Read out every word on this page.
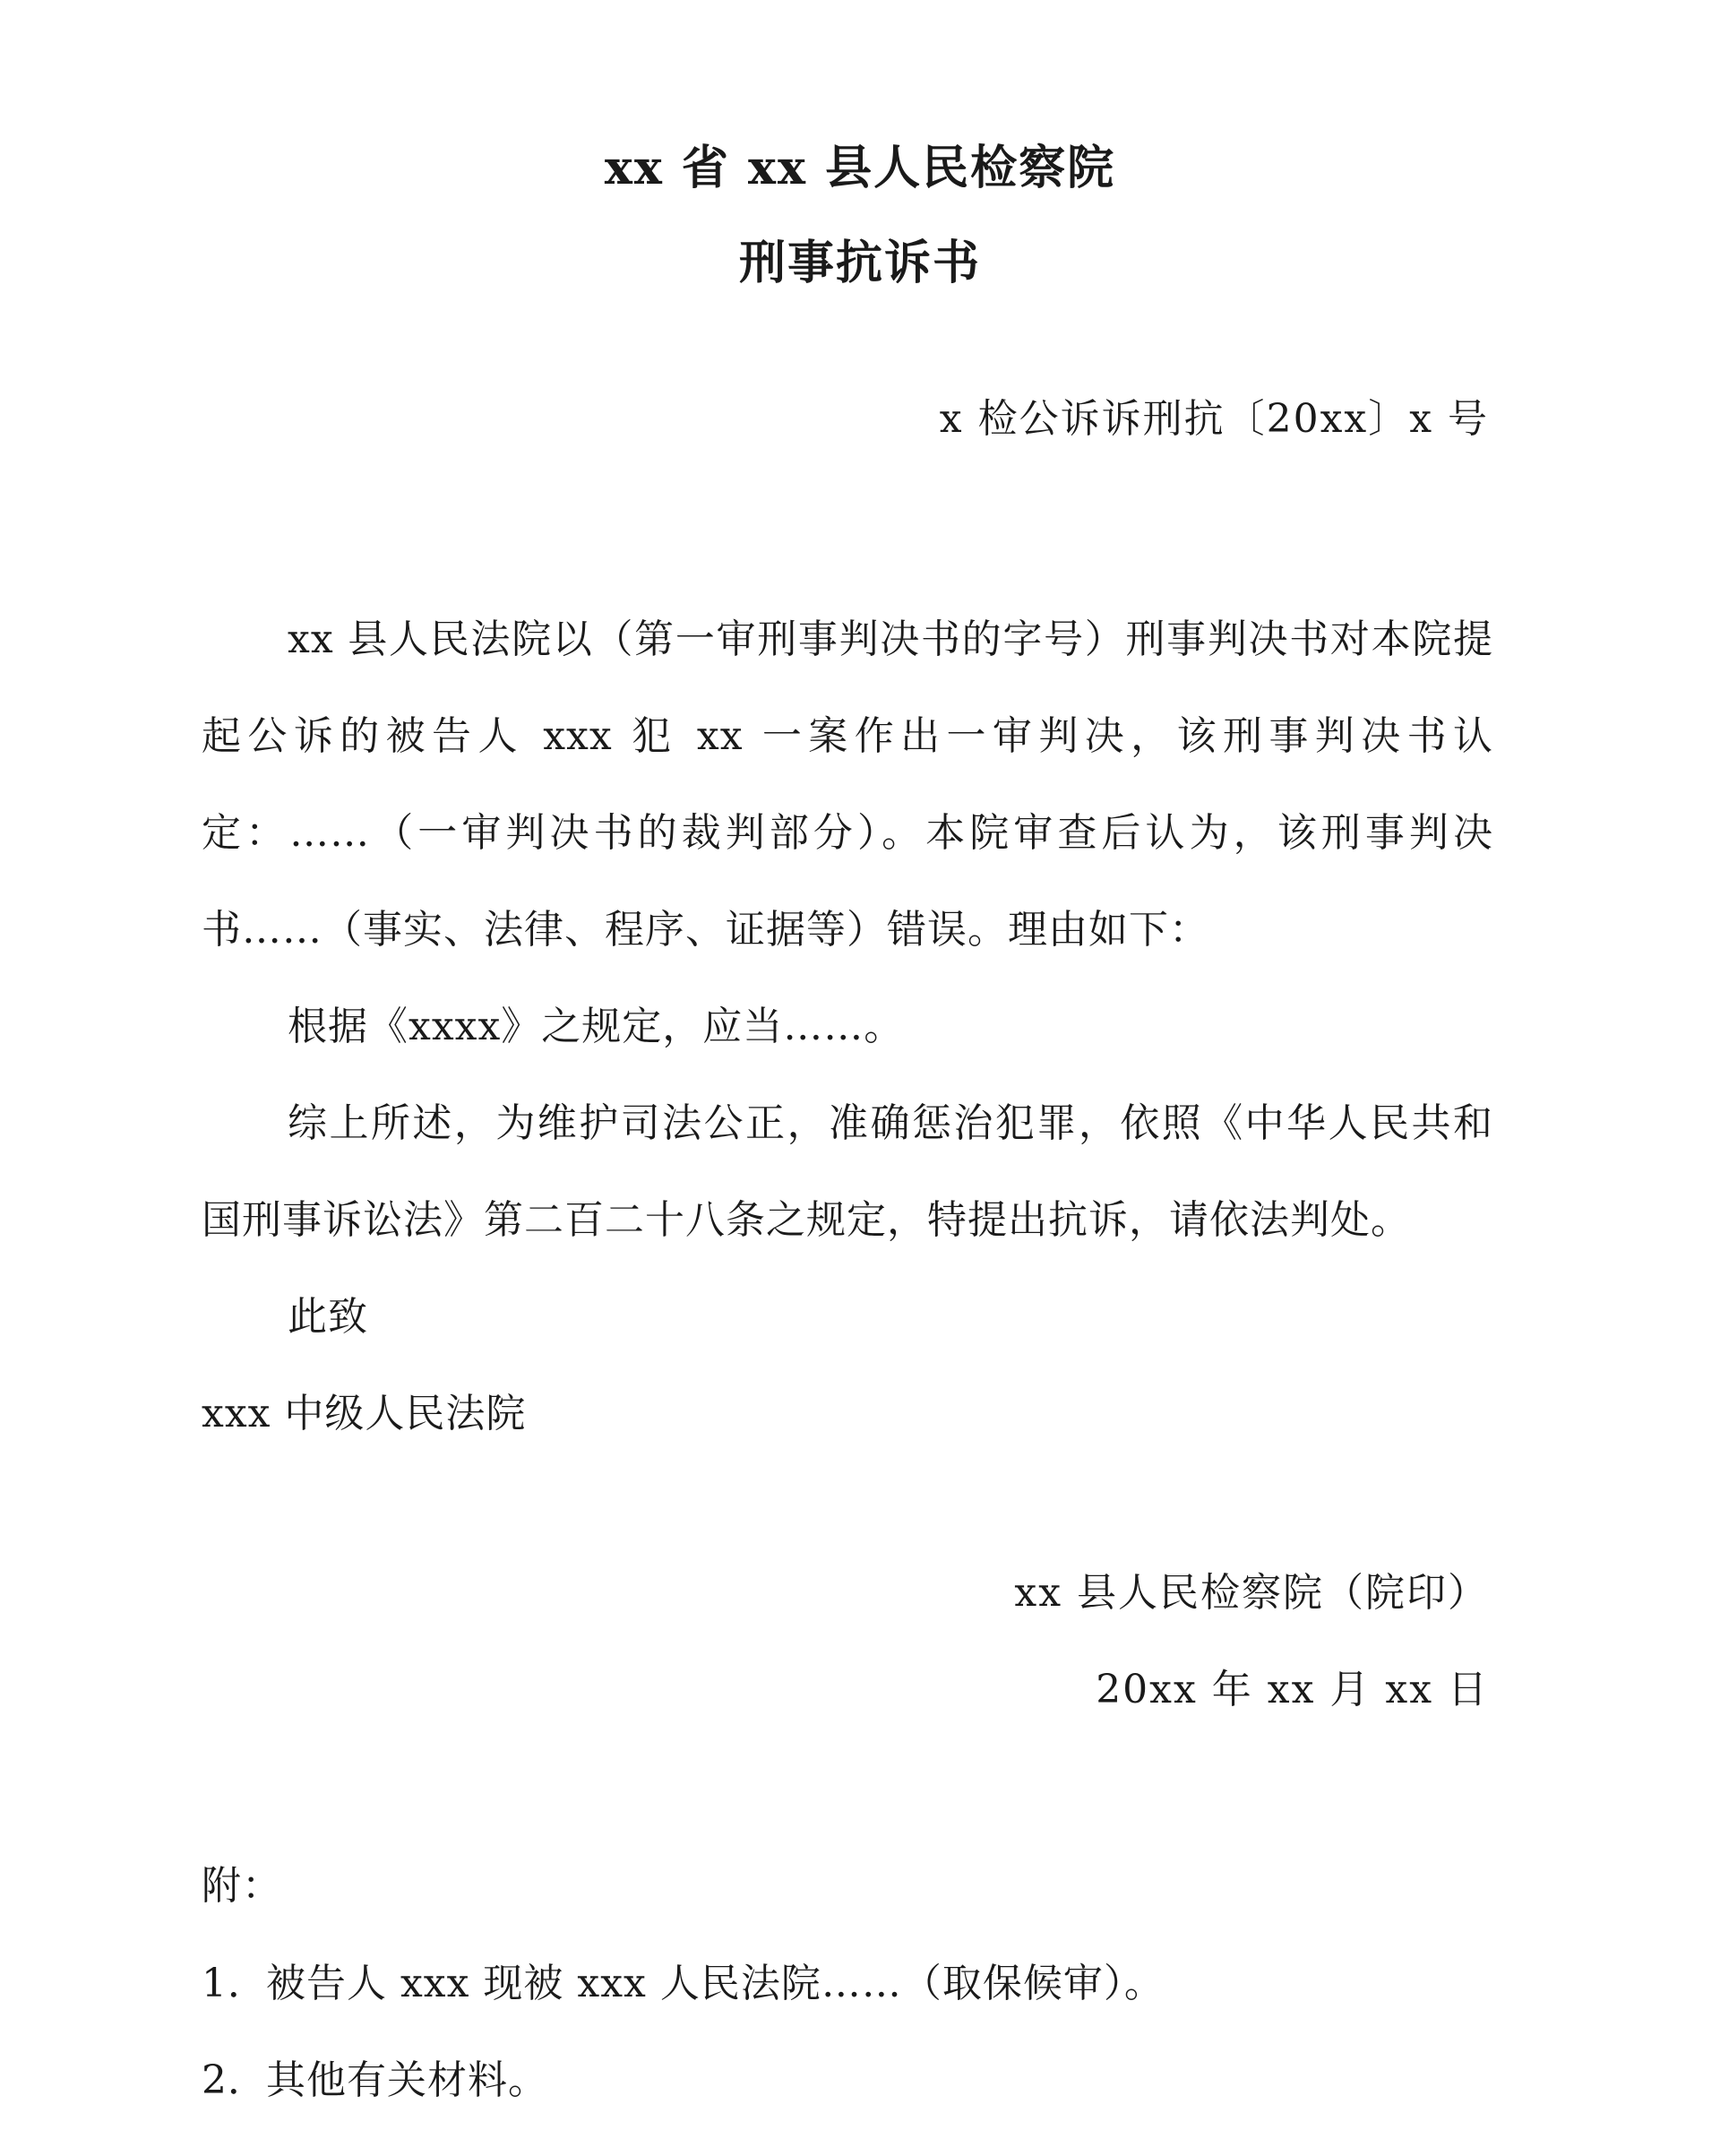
xx 省 xx 县人民检察院
刑事抗诉书
x 检公诉诉刑抗〔20xx〕x 号

xx 县人民法院以（第一审刑事判决书的字号）刑事判决书对本院提起公诉的被告人 xxx 犯 xx 一案作出一审判决，该刑事判决书认定：……（一审判决书的裁判部分）。本院审查后认为，该刑事判决书……（事实、法律、程序、证据等）错误。理由如下：

根据《xxxx》之规定，应当……。

综上所述，为维护司法公正，准确惩治犯罪，依照《中华人民共和国刑事诉讼法》第二百二十八条之规定，特提出抗诉，请依法判处。

此致

xxx 中级人民法院

xx 县人民检察院（院印）
20xx 年 xx 月 xx 日
附：
1．被告人 xxx 现被 xxx 人民法院……（取保候审）。
2．其他有关材料。
